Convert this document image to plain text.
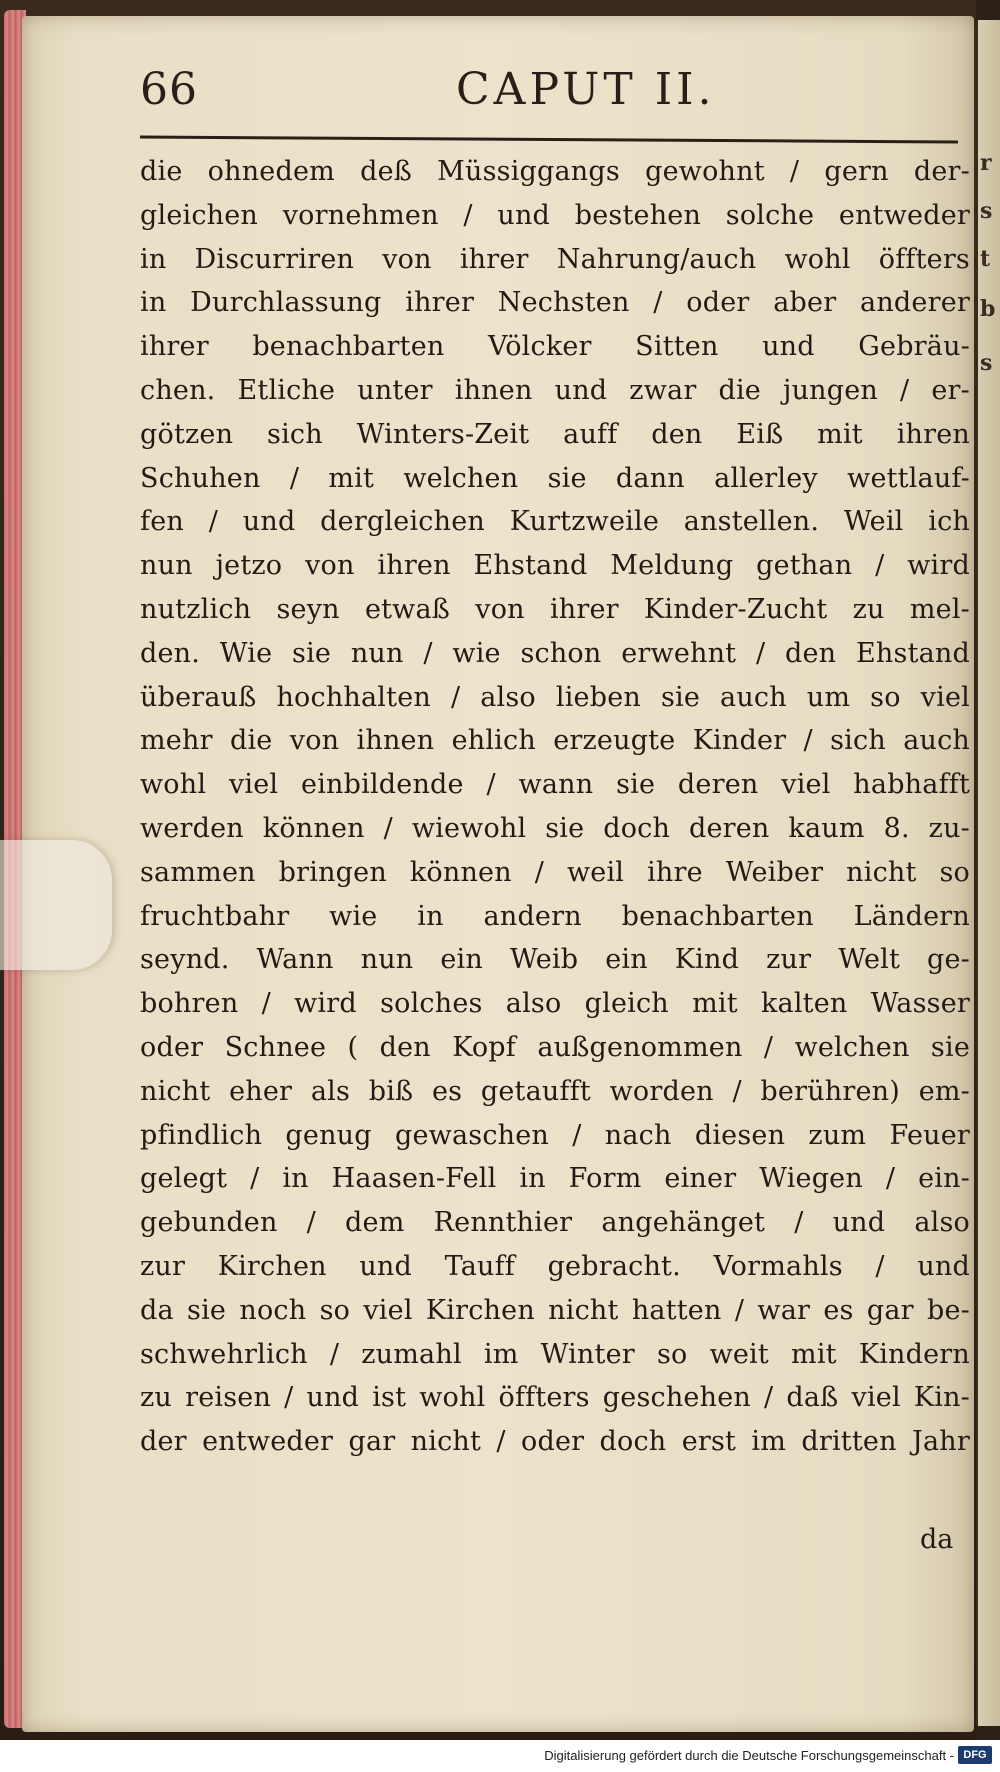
r
s
t
b
s
66	CAPUT II.
die ohnedem deß Müssiggangs gewohnt / gern der-
gleichen vornehmen / und bestehen solche entweder
in Discurriren von ihrer Nahrung/auch wohl öffters
in Durchlassung ihrer Nechsten / oder aber anderer
ihrer benachbarten Völcker Sitten und Gebräu-
chen. Etliche unter ihnen und zwar die jungen / er-
götzen sich Winters-Zeit auff den Eiß mit ihren
Schuhen / mit welchen sie dann allerley wettlauf-
fen / und dergleichen Kurtzweile anstellen. Weil ich
nun jetzo von ihren Ehstand Meldung gethan / wird
nutzlich seyn etwaß von ihrer Kinder-Zucht zu mel-
den. Wie sie nun / wie schon erwehnt / den Ehstand
überauß hochhalten / also lieben sie auch um so viel
mehr die von ihnen ehlich erzeugte Kinder / sich auch
wohl viel einbildende / wann sie deren viel habhafft
werden können / wiewohl sie doch deren kaum 8. zu-
sammen bringen können / weil ihre Weiber nicht so
fruchtbahr wie in andern benachbarten Ländern
seynd. Wann nun ein Weib ein Kind zur Welt ge-
bohren / wird solches also gleich mit kalten Wasser
oder Schnee ( den Kopf außgenommen / welchen sie
nicht eher als biß es getaufft worden / berühren) em-
pfindlich genug gewaschen / nach diesen zum Feuer
gelegt / in Haasen-Fell in Form einer Wiegen / ein-
gebunden / dem Rennthier angehänget / und also
zur Kirchen und Tauff gebracht. Vormahls / und
da sie noch so viel Kirchen nicht hatten / war es gar be-
schwehrlich / zumahl im Winter so weit mit Kindern
zu reisen / und ist wohl öffters geschehen / daß viel Kin-
der entweder gar nicht / oder doch erst im dritten Jahr
da
Digitalisierung gefördert durch die Deutsche Forschungsgemeinschaft - DFG
